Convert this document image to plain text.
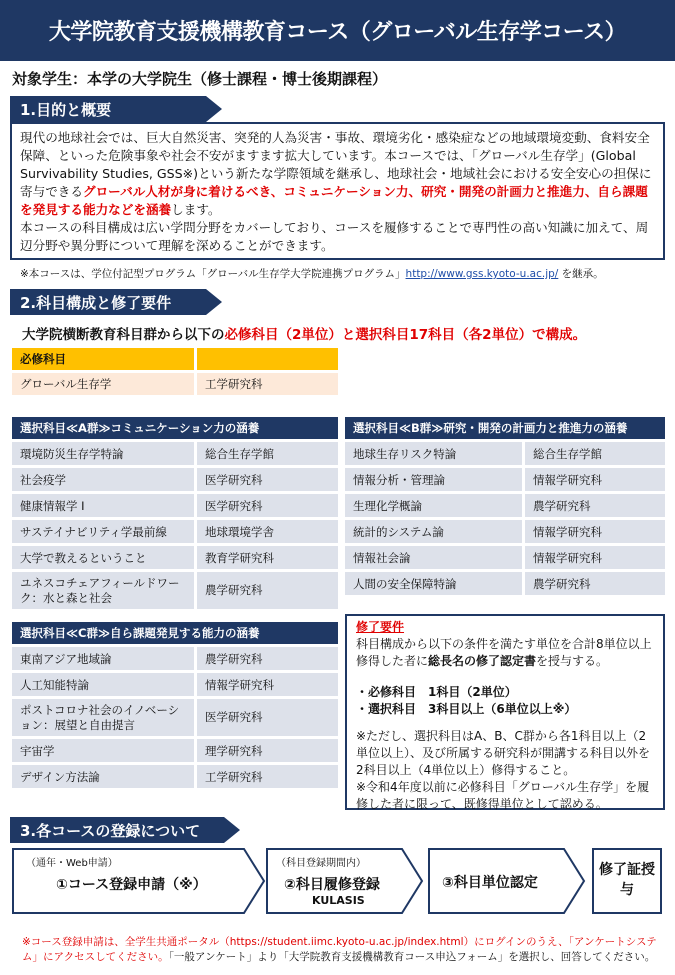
大学院教育支援機構教育コース（グローバル生存学コース）
対象学生：本学の大学院生（修士課程・博士後期課程）
1.目的と概要

現代の地球社会では、巨大自然災害、突発的人為災害・事故、環境劣化・感染症などの地域環境変動、食料安全保障、といった危険事象や社会不安がますます拡大しています。本コースでは、「グローバル生存学」(Global Survivability Studies, GSS※)という新たな学際領域を継承し、地球社会・地域社会における安全安心の担保に寄与できるグローバル人材が身に着けるべき、コミュニケーション力、研究・開発の計画力と推進力、自ら課題を発見する能力などを涵養します。

本コースの科目構成は広い学問分野をカバーしており、コースを履修することで専門性の高い知識に加えて、周辺分野や異分野について理解を深めることができます。

※本コースは、学位付記型プログラム「グローバル生存学大学院連携プログラム」http://www.gss.kyoto-u.ac.jp/ を継承。
2.科目構成と修了要件
大学院横断教育科目群から以下の必修科目（2単位）と選択科目17科目（各2単位）で構成。
必修科目	
グローバル生存学	工学研究科
選択科目≪A群≫コミュニケーション力の涵養
環境防災生存学特論	総合生存学館
社会疫学	医学研究科
健康情報学 I	医学研究科
サステイナビリティ学最前線	地球環境学舎
大学で教えるということ	教育学研究科
ユネスコチェアフィールドワーク：水と森と社会	農学研究科
選択科目≪B群≫研究・開発の計画力と推進力の涵養
地球生存リスク特論	総合生存学館
情報分析・管理論	情報学研究科
生理化学概論	農学研究科
統計的システム論	情報学研究科
情報社会論	情報学研究科
人間の安全保障特論	農学研究科
選択科目≪C群≫自ら課題発見する能力の涵養
東南アジア地域論	農学研究科
人工知能特論	情報学研究科
ポストコロナ社会のイノベーション：展望と自由提言	医学研究科
宇宙学	理学研究科
デザイン方法論	工学研究科
修了要件

科目構成から以下の条件を満たす単位を合計8単位以上修得した者に総長名の修了認定書を授与する。

・必修科目　1科目（2単位）

・選択科目　3科目以上（6単位以上※）

※ただし、選択科目はA、B、C群から各1科目以上（2単位以上）、及び所属する研究科が開講する科目以外を2科目以上（4単位以上）修得すること。

※令和4年度以前に必修科目「グローバル生存学」を履修した者に限って、既修得単位として認める。

3.各コースの登録について
（通年・Web申請）
①コース登録申請（※）
（科目登録期間内）
②科目履修登録
KULASIS
③科目単位認定
修了証授与
※コース登録申請は、全学生共通ポータル（https://student.iimc.kyoto-u.ac.jp/index.html）にログインのうえ、「アンケートシステム」にアクセスしてください。「一般アンケート」より「大学院教育支援機構教育コース申込フォーム」を選択し、回答してください。
